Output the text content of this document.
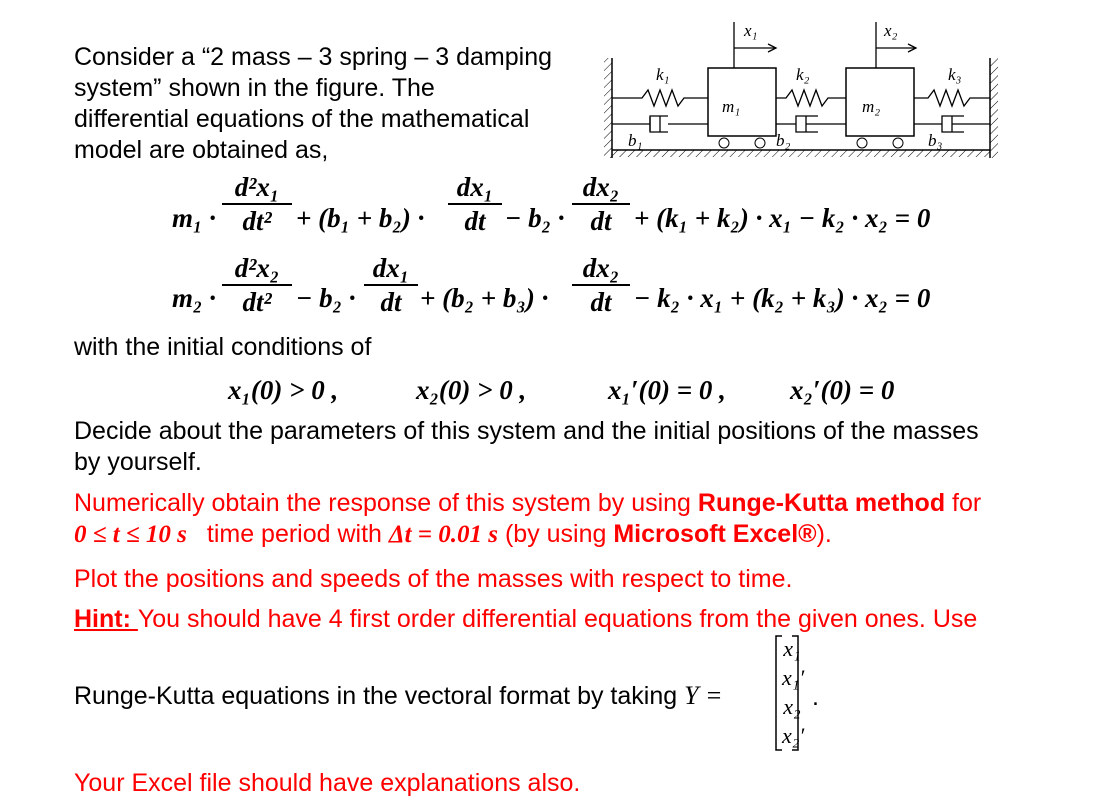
Consider a “2 mass – 3 spring – 3 damping
system” shown in the figure. The
differential equations of the mathematical
model are obtained as,
x₁	x₂
k₁	k₂	k₃
m₁	m₂
b₁	b₂	b₃
m₁ ·
d²x₁
dt² + (b₁ + b₂) ·
dx₁
dt − b₂ ·
dx₂
dt + (k₁ + k₂) · x₁ − k₂ · x₂ = 0
m₂ ·
d²x₂
dt² − b₂ ·
dx₁
dt + (b₂ + b₃) ·
dx₂
dt − k₂ · x₁ + (k₂ + k₃) · x₂ = 0
with the initial conditions of
x₁(0) > 0 ,	x₂(0) > 0 ,	x₁′(0) = 0 , x₂′(0) = 0
Decide about the parameters of this system and the initial positions of the masses
by yourself.
Numerically obtain the response of this system by using Runge-Kutta method for
0 ≤ t ≤ 10 s time period with Δt = 0.01 s (by using Microsoft Excel®).
Plot the positions and speeds of the masses with respect to time.
Hint: You should have 4 first order differential equations from the given ones. Use
Runge-Kutta equations in the vectoral format by taking Y =
x₁
x₁′
x₂
x₂′
.
Your Excel file should have explanations also.
